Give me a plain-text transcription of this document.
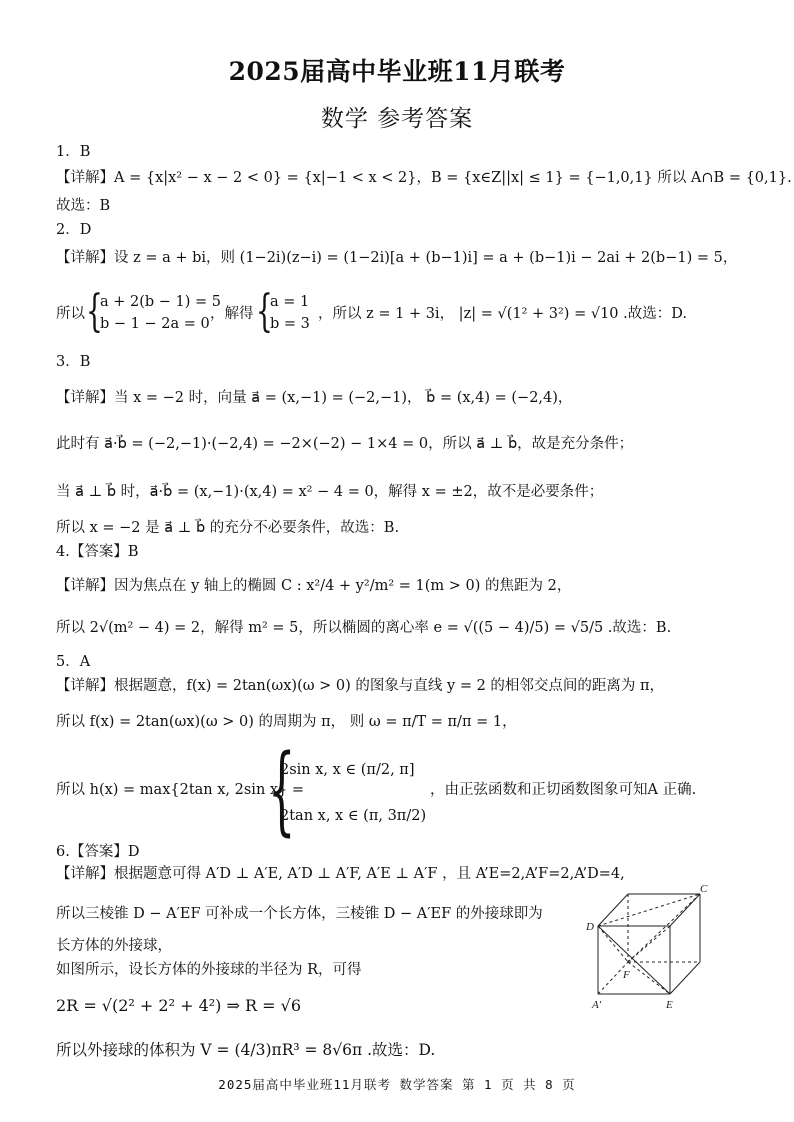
2025届高中毕业班11月联考
数学 参考答案
1．B
【详解】A = {x|x² − x − 2 < 0} = {x|−1 < x < 2}，B = {x∈Z||x| ≤ 1} = {−1,0,1} 所以 A∩B = {0,1}.
故选：B
2．D
【详解】设 z = a + bi，则 (1−2i)(z−i) = (1−2i)[a + (b−1)i] = a + (b−1)i − 2ai + 2(b−1) = 5，
所以 {
a + 2(b − 1) = 5
b − 1 − 2a = 0
，解得 {
a = 1
b = 3
，所以 z = 1 + 3i， |z| = √(1² + 3²) = √10 .故选：D.
3．B
【详解】当 x = −2 时，向量 a⃗ = (x,−1) = (−2,−1)， b⃗ = (x,4) = (−2,4)，
此时有 a⃗·b⃗ = (−2,−1)·(−2,4) = −2×(−2) − 1×4 = 0，所以 a⃗ ⊥ b⃗，故是充分条件；
当 a⃗ ⊥ b⃗ 时，a⃗·b⃗ = (x,−1)·(x,4) = x² − 4 = 0，解得 x = ±2，故不是必要条件；
所以 x = −2 是 a⃗ ⊥ b⃗ 的充分不必要条件，故选：B.
4.【答案】B
【详解】因为焦点在 y 轴上的椭圆 C : x²/4 + y²/m² = 1(m > 0) 的焦距为 2，
所以 2√(m² − 4) = 2，解得 m² = 5，所以椭圆的离心率 e = √((5 − 4)/5) = √5/5 .故选：B.
5．A
【详解】根据题意，f(x) = 2tan(ωx)(ω > 0) 的图象与直线 y = 2 的相邻交点间的距离为 π，
所以 f(x) = 2tan(ωx)(ω > 0) 的周期为 π， 则 ω = π/T = π/π = 1，
所以 h(x) = max{2tan x, 2sin x} =
{
2sin x, x ∈ (π/2, π]
2tan x, x ∈ (π, 3π/2)
，由正弦函数和正切函数图象可知A 正确.
6.【答案】D
【详解】根据题意可得 A′D ⊥ A′E, A′D ⊥ A′F, A′E ⊥ A′F ，且 A’E=2,A’F=2,A’D=4,
所以三棱锥 D − A′EF 可补成一个长方体，三棱锥 D − A′EF 的外接球即为
长方体的外接球，
如图所示，设长方体的外接球的半径为 R，可得
2R = √(2² + 2² + 4²) ⇒ R = √6
所以外接球的体积为 V = (4/3)πR³ = 8√6π .故选：D.
C
D
F
A′	E
2025届高中毕业班11月联考 数学答案 第 1 页 共 8 页
